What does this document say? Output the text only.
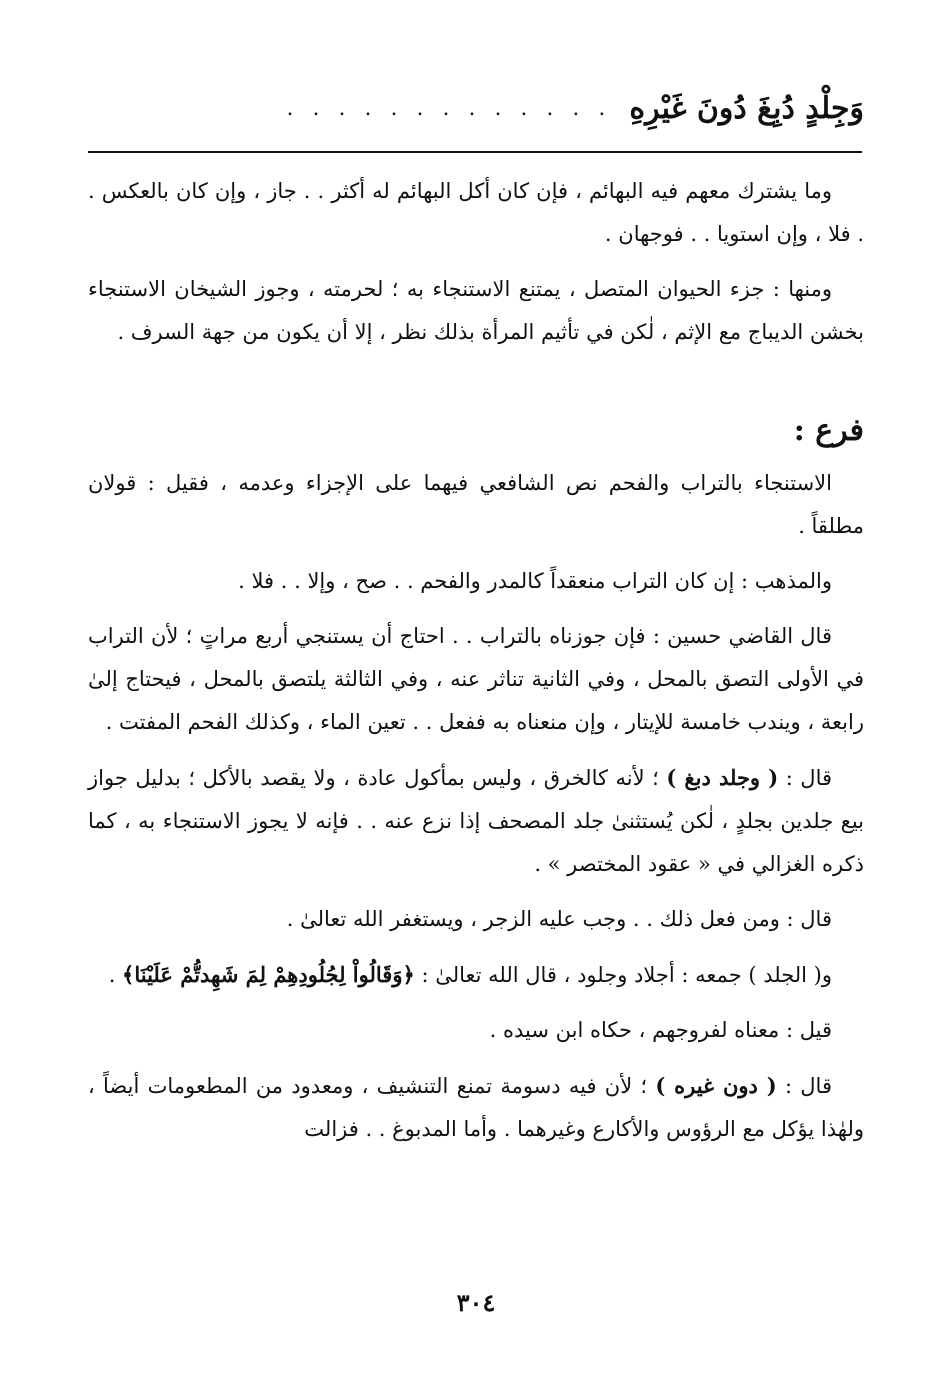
وَجِلْدٍ دُبِغَ دُونَ غَيْرِهِ
. . . . . . . . . . . . .

وما يشترك معهم فيه البهائم ، فإن كان أكل البهائم له أكثر . . جاز ، وإن كان بالعكس . . فلا ، وإن استويا . . فوجهان .

ومنها : جزء الحيوان المتصل ، يمتنع الاستنجاء به ؛ لحرمته ، وجوز الشيخان الاستنجاء بخشن الديباج مع الإثم ، لٰكن في تأثيم المرأة بذلك نظر ، إلا أن يكون من جهة السرف .

فرع :

الاستنجاء بالتراب والفحم نص الشافعي فيهما على الإجزاء وعدمه ، فقيل : قولان مطلقاً .

والمذهب : إن كان التراب منعقداً كالمدر والفحم . . صح ، وإلا . . فلا .

قال القاضي حسين : فإن جوزناه بالتراب . . احتاج أن يستنجي أربع مراتٍ ؛ لأن التراب في الأولى التصق بالمحل ، وفي الثانية تناثر عنه ، وفي الثالثة يلتصق بالمحل ، فيحتاج إلىٰ رابعة ، ويندب خامسة للإيتار ، وإن منعناه به ففعل . . تعين الماء ، وكذلك الفحم المفتت .

قال : ( وجلد دبغ ) ؛ لأنه كالخرق ، وليس بمأكول عادة ، ولا يقصد بالأكل ؛ بدليل جواز بيع جلدين بجلدٍ ، لٰكن يُستثنىٰ جلد المصحف إذا نزع عنه . . فإنه لا يجوز الاستنجاء به ، كما ذكره الغزالي في « عقود المختصر » .

قال : ومن فعل ذلك . . وجب عليه الزجر ، ويستغفر الله تعالىٰ .

و( الجلد ) جمعه : أجلاد وجلود ، قال الله تعالىٰ : ﴿وَقَالُواْ لِجُلُودِهِمْ لِمَ شَهِدتُّمْ عَلَيْنَا﴾ .

قيل : معناه لفروجهم ، حكاه ابن سيده .

قال : ( دون غيره ) ؛ لأن فيه دسومة تمنع التنشيف ، ومعدود من المطعومات أيضاً ، ولهٰذا يؤكل مع الرؤوس والأكارع وغيرهما . وأما المدبوغ . . فزالت

٣٠٤
